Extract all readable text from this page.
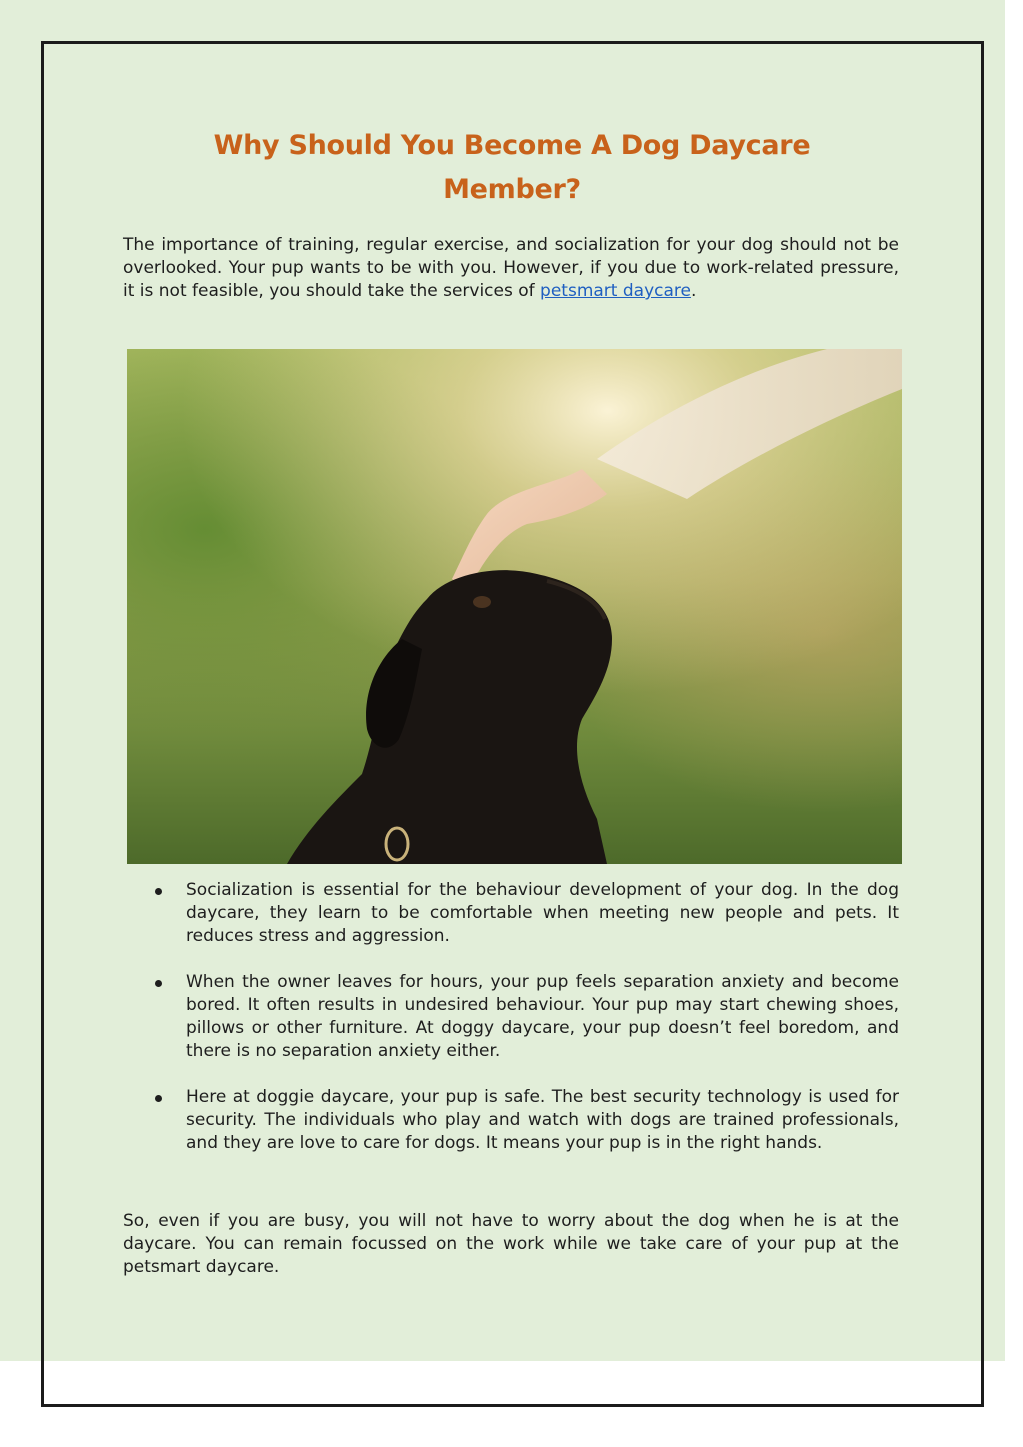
Why Should You Become A Dog Daycare Member?

The importance of training, regular exercise, and socialization for your dog should not be overlooked. Your pup wants to be with you. However, if you due to work-related pressure, it is not feasible, you should take the services of petsmart daycare.

Socialization is essential for the behaviour development of your dog. In the dog daycare, they learn to be comfortable when meeting new people and pets. It reduces stress and aggression.
When the owner leaves for hours, your pup feels separation anxiety and become bored. It often results in undesired behaviour. Your pup may start chewing shoes, pillows or other furniture. At doggy daycare, your pup doesn’t feel boredom, and there is no separation anxiety either.
Here at doggie daycare, your pup is safe. The best security technology is used for security. The individuals who play and watch with dogs are trained professionals, and they are love to care for dogs. It means your pup is in the right hands.

So, even if you are busy, you will not have to worry about the dog when he is at the daycare. You can remain focussed on the work while we take care of your pup at the petsmart daycare.
